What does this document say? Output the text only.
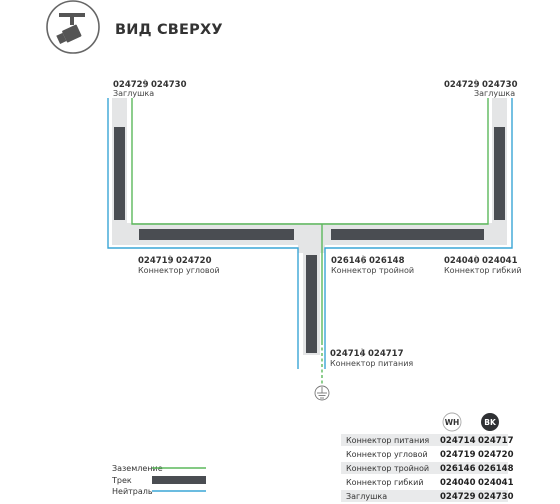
ВИД СВЕРХУ
024729 024730
Заглушка
024729 024730
Заглушка
024719 024720
Коннектор угловой
026146 026148
Коннектор тройной
024040 024041
Коннектор гибкий
024714 024717
Коннектор питания
Заземление
Трек
Нейтраль
WH	BK
Коннектор питания 024714 024717
Коннектор угловой 024719 024720
Коннектор тройной 026146 026148
Коннектор гибкий 024040 024041
Заглушка	024729 024730
